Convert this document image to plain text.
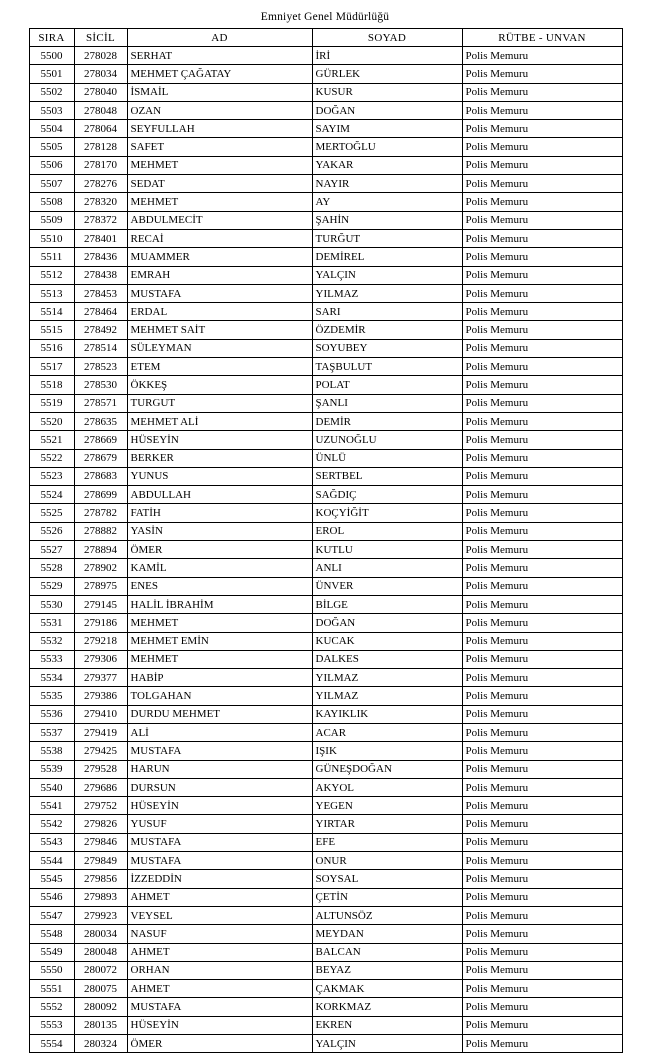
Emniyet Genel Müdürlüğü
SIRA	SİCİL	AD	SOYAD	RÜTBE - UNVAN
5500	278028	SERHAT	İRİ	Polis Memuru
5501	278034	MEHMET ÇAĞATAY	GÜRLEK	Polis Memuru
5502	278040	İSMAİL	KUSUR	Polis Memuru
5503	278048	OZAN	DOĞAN	Polis Memuru
5504	278064	SEYFULLAH	SAYIM	Polis Memuru
5505	278128	SAFET	MERTOĞLU	Polis Memuru
5506	278170	MEHMET	YAKAR	Polis Memuru
5507	278276	SEDAT	NAYIR	Polis Memuru
5508	278320	MEHMET	AY	Polis Memuru
5509	278372	ABDULMECİT	ŞAHİN	Polis Memuru
5510	278401	RECAİ	TURĞUT	Polis Memuru
5511	278436	MUAMMER	DEMİREL	Polis Memuru
5512	278438	EMRAH	YALÇIN	Polis Memuru
5513	278453	MUSTAFA	YILMAZ	Polis Memuru
5514	278464	ERDAL	SARI	Polis Memuru
5515	278492	MEHMET SAİT	ÖZDEMİR	Polis Memuru
5516	278514	SÜLEYMAN	SOYUBEY	Polis Memuru
5517	278523	ETEM	TAŞBULUT	Polis Memuru
5518	278530	ÖKKEŞ	POLAT	Polis Memuru
5519	278571	TURGUT	ŞANLI	Polis Memuru
5520	278635	MEHMET ALİ	DEMİR	Polis Memuru
5521	278669	HÜSEYİN	UZUNOĞLU	Polis Memuru
5522	278679	BERKER	ÜNLÜ	Polis Memuru
5523	278683	YUNUS	SERTBEL	Polis Memuru
5524	278699	ABDULLAH	SAĞDIÇ	Polis Memuru
5525	278782	FATİH	KOÇYİĞİT	Polis Memuru
5526	278882	YASİN	EROL	Polis Memuru
5527	278894	ÖMER	KUTLU	Polis Memuru
5528	278902	KAMİL	ANLI	Polis Memuru
5529	278975	ENES	ÜNVER	Polis Memuru
5530	279145	HALİL İBRAHİM	BİLGE	Polis Memuru
5531	279186	MEHMET	DOĞAN	Polis Memuru
5532	279218	MEHMET EMİN	KUCAK	Polis Memuru
5533	279306	MEHMET	DALKES	Polis Memuru
5534	279377	HABİP	YILMAZ	Polis Memuru
5535	279386	TOLGAHAN	YILMAZ	Polis Memuru
5536	279410	DURDU MEHMET	KAYIKLIK	Polis Memuru
5537	279419	ALİ	ACAR	Polis Memuru
5538	279425	MUSTAFA	IŞIK	Polis Memuru
5539	279528	HARUN	GÜNEŞDOĞAN	Polis Memuru
5540	279686	DURSUN	AKYOL	Polis Memuru
5541	279752	HÜSEYİN	YEGEN	Polis Memuru
5542	279826	YUSUF	YIRTAR	Polis Memuru
5543	279846	MUSTAFA	EFE	Polis Memuru
5544	279849	MUSTAFA	ONUR	Polis Memuru
5545	279856	İZZEDDİN	SOYSAL	Polis Memuru
5546	279893	AHMET	ÇETİN	Polis Memuru
5547	279923	VEYSEL	ALTUNSÖZ	Polis Memuru
5548	280034	NASUF	MEYDAN	Polis Memuru
5549	280048	AHMET	BALCAN	Polis Memuru
5550	280072	ORHAN	BEYAZ	Polis Memuru
5551	280075	AHMET	ÇAKMAK	Polis Memuru
5552	280092	MUSTAFA	KORKMAZ	Polis Memuru
5553	280135	HÜSEYİN	EKREN	Polis Memuru
5554	280324	ÖMER	YALÇIN	Polis Memuru
